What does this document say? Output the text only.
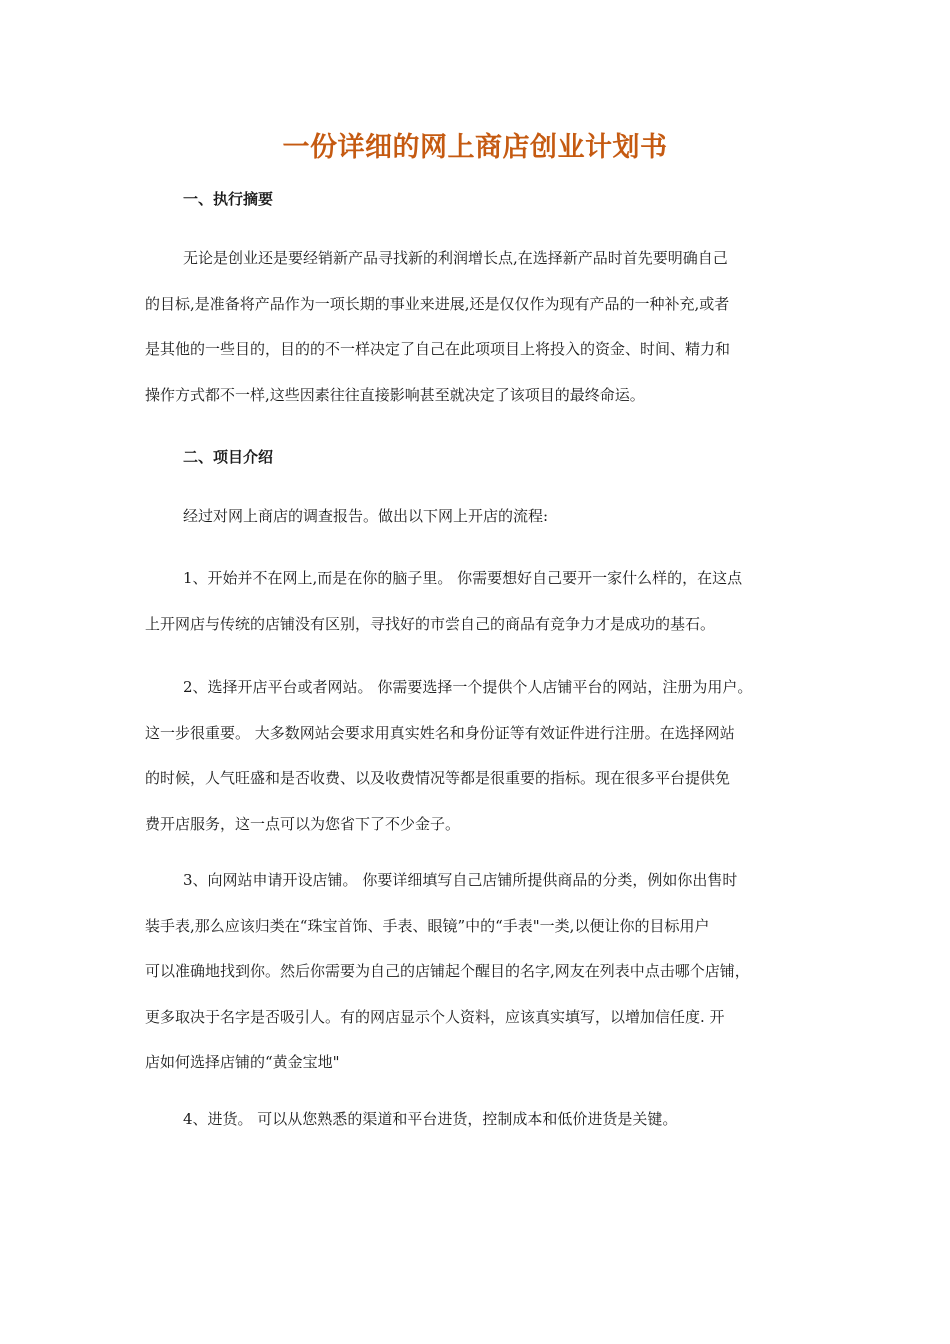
一份详细的网上商店创业计划书
一、执行摘要
无论是创业还是要经销新产品寻找新的利润增长点,在选择新产品时首先要明确自己
的目标,是准备将产品作为一项长期的事业来进展,还是仅仅作为现有产品的一种补充,或者
是其他的一些目的，目的的不一样决定了自己在此项项目上将投入的资金、时间、精力和
操作方式都不一样,这些因素往往直接影响甚至就决定了该项目的最终命运。
二、项目介绍
经过对网上商店的调查报告。做出以下网上开店的流程:
1、开始并不在网上,而是在你的脑子里。 你需要想好自己要开一家什么样的，在这点
上开网店与传统的店铺没有区别，寻找好的市尝自己的商品有竞争力才是成功的基石。
2、选择开店平台或者网站。 你需要选择一个提供个人店铺平台的网站，注册为用户。
这一步很重要。 大多数网站会要求用真实姓名和身份证等有效证件进行注册。在选择网站
的时候，人气旺盛和是否收费、以及收费情况等都是很重要的指标。现在很多平台提供免
费开店服务，这一点可以为您省下了不少金子。
3、向网站申请开设店铺。 你要详细填写自己店铺所提供商品的分类，例如你出售时
装手表,那么应该归类在“珠宝首饰、手表、眼镜”中的“手表"一类,以便让你的目标用户
可以准确地找到你。然后你需要为自己的店铺起个醒目的名字,网友在列表中点击哪个店铺，
更多取决于名字是否吸引人。有的网店显示个人资料，应该真实填写，以增加信任度. 开
店如何选择店铺的“黄金宝地"
4、进货。 可以从您熟悉的渠道和平台进货，控制成本和低价进货是关键。
